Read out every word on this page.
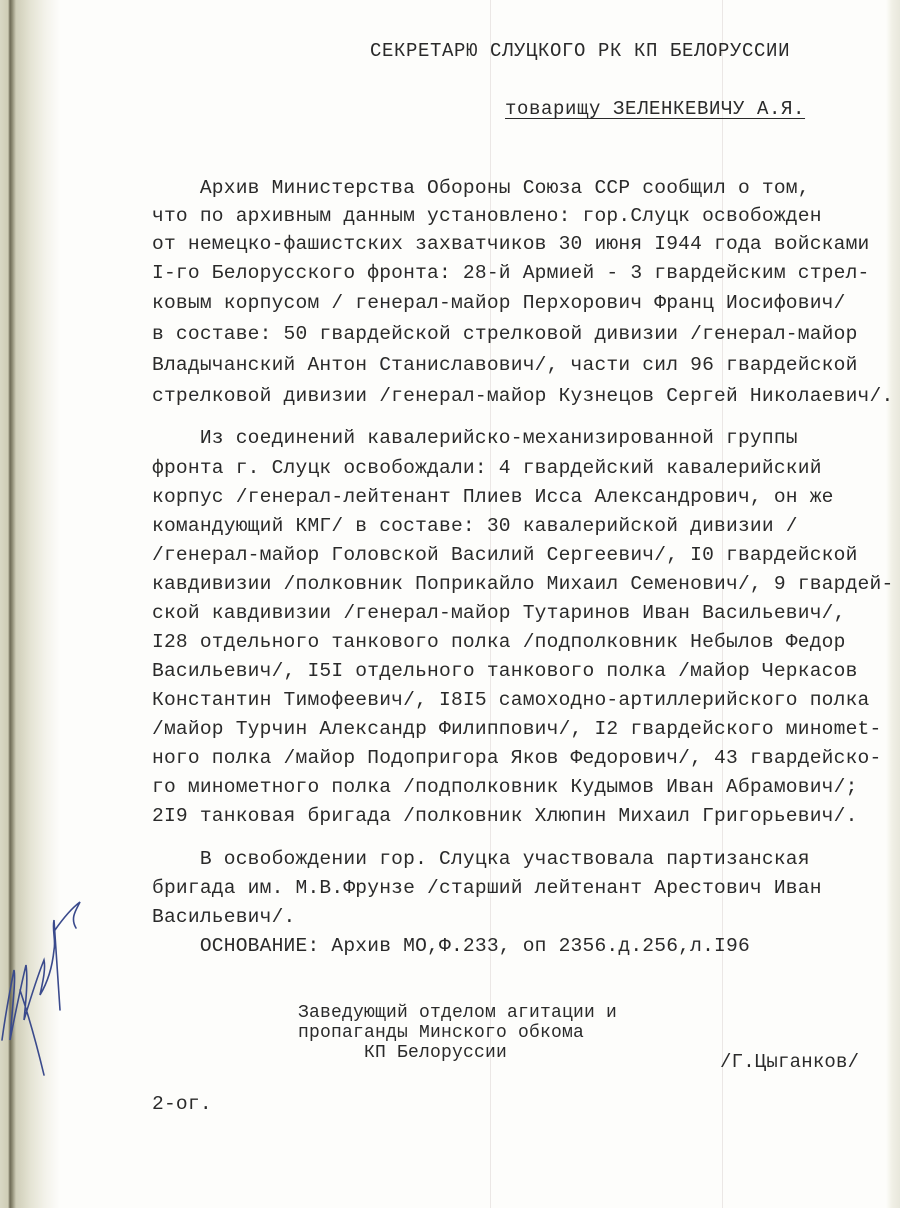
СЕКРЕТАРЮ СЛУЦКОГО РК КП БЕЛОРУССИИ
товарищу ЗЕЛЕНКЕВИЧУ А.Я.
Архив Министерства Обороны Союза ССР сообщил о том,
что по архивным данным установлено: гор.Слуцк освобожден
от немецко-фашистских захватчиков 30 июня I944 года войсками
I-го Белорусского фронта: 28-й Армией - 3 гвардейским стрел-
ковым корпусом / генерал-майор Перхорович Франц Иосифович/
в составе: 50 гвардейской стрелковой дивизии /генерал-майор
Владычанский Антон Станиславович/, части сил 96 гвардейской
стрелковой дивизии /генерал-майор Кузнецов Сергей Николаевич/.
Из соединений кавалерийско-механизированной группы
фронта г. Слуцк освобождали: 4 гвардейский кавалерийский
корпус /генерал-лейтенант Плиев Исса Александрович, он же
командующий КМГ/ в составе: 30 кавалерийской дивизии /
/генерал-майор Головской Василий Сергеевич/, I0 гвардейской
кавдивизии /полковник Поприкайло Михаил Семенович/, 9 гвардей-
ской кавдивизии /генерал-майор Тутаринов Иван Васильевич/,
I28 отдельного танкового полка /подполковник Небылов Федор
Васильевич/, I5I отдельного танкового полка /майор Черкасов
Константин Тимофеевич/, I8I5 самоходно-артиллерийского полка
/майор Турчин Александр Филиппович/, I2 гвардейского минomet-
ного полка /майор Подопригора Яков Федорович/, 43 гвардейско-
го минометного полка /подполковник Кудымов Иван Абрамович/;
2I9 танковая бригада /полковник Хлюпин Михаил Григорьевич/.
В освобождении гор. Слуцка участвовала партизанская
бригада им. М.В.Фрунзе /старший лейтенант Арестович Иван
Васильевич/.
ОСНОВАНИЕ: Архив МО,Ф.233, оп 2356.д.256,л.I96
Заведующий отделом агитации и
пропаганды Минского обкома
КП Белоруссии	/Г.Цыганков/
2-ог.
